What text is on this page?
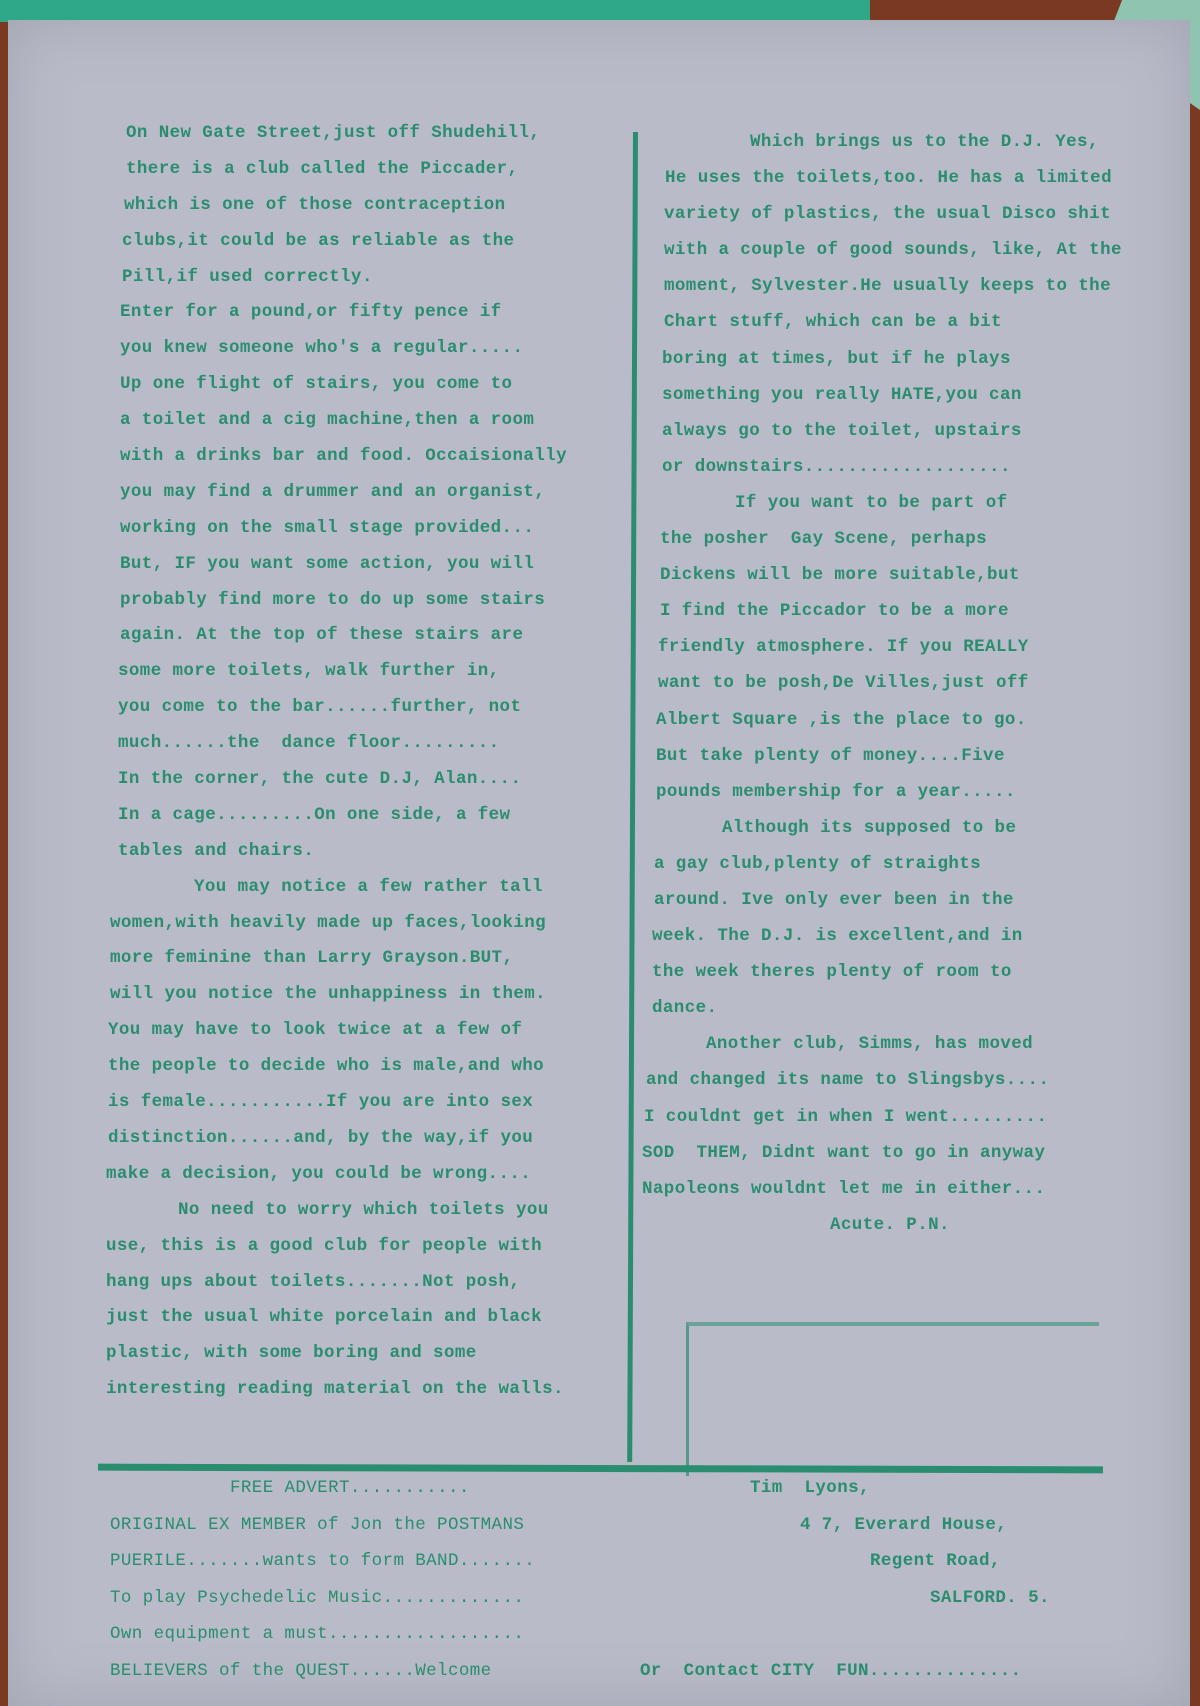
On New Gate Street,just off Shudehill,
there is a club called the Piccader,
which is one of those contraception
clubs,it could be as reliable as the
Pill,if used correctly.
Enter for a pound,or fifty pence if
you knew someone who's a regular.....
Up one flight of stairs, you come to
a toilet and a cig machine,then a room
with a drinks bar and food. Occaisionally
you may find a drummer and an organist,
working on the small stage provided...
But, IF you want some action, you will
probably find more to do up some stairs
again. At the top of these stairs are
some more toilets, walk further in,
you come to the bar......further, not
much......the  dance floor.........
In the corner, the cute D.J, Alan....
In a cage.........On one side, a few
tables and chairs.
You may notice a few rather tall
women,with heavily made up faces,looking
more feminine than Larry Grayson.BUT,
will you notice the unhappiness in them.
You may have to look twice at a few of
the people to decide who is male,and who
is female...........If you are into sex
distinction......and, by the way,if you
make a decision, you could be wrong....
No need to worry which toilets you
use, this is a good club for people with
hang ups about toilets.......Not posh,
just the usual white porcelain and black
plastic, with some boring and some
interesting reading material on the walls.
Which brings us to the D.J. Yes,
He uses the toilets,too. He has a limited
variety of plastics, the usual Disco shit
with a couple of good sounds, like, At the
moment, Sylvester.He usually keeps to the
Chart stuff, which can be a bit
boring at times, but if he plays
something you really HATE,you can
always go to the toilet, upstairs
or downstairs...................
If you want to be part of
the posher  Gay Scene, perhaps
Dickens will be more suitable,but
I find the Piccador to be a more
friendly atmosphere. If you REALLY
want to be posh,De Villes,just off
Albert Square ,is the place to go.
But take plenty of money....Five
pounds membership for a year.....
Although its supposed to be
a gay club,plenty of straights
around. Ive only ever been in the
week. The D.J. is excellent,and in
the week theres plenty of room to
dance.
Another club, Simms, has moved
and changed its name to Slingsbys....
I couldnt get in when I went.........
SOD  THEM, Didnt want to go in anyway
Napoleons wouldnt let me in either...
Acute. P.N.
FREE ADVERT...........
ORIGINAL EX MEMBER of Jon the POSTMANS
PUERILE.......wants to form BAND.......
To play Psychedelic Music.............
Own equipment a must..................
BELIEVERS of the QUEST......Welcome
Tim  Lyons,
4 7, Everard House,
Regent Road,
SALFORD. 5.
Or  Contact CITY  FUN..............
